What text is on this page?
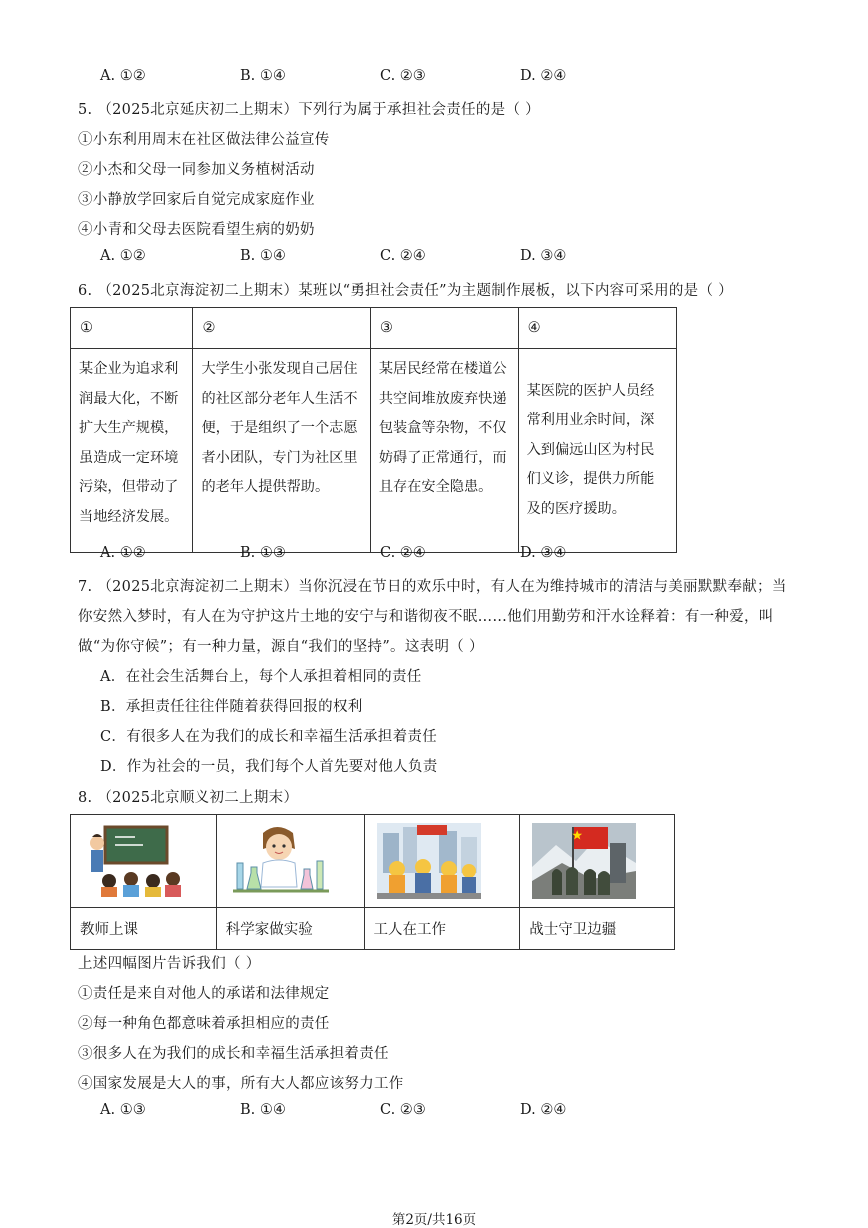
A. ①②	B. ①④	C. ②③	D. ②④
5. （2025北京延庆初二上期末）下列行为属于承担社会责任的是（ ）
①小东利用周末在社区做法律公益宣传
②小杰和父母一同参加义务植树活动
③小静放学回家后自觉完成家庭作业
④小青和父母去医院看望生病的奶奶
A. ①②	B. ①④	C. ②④	D. ③④
6. （2025北京海淀初二上期末）某班以“勇担社会责任”为主题制作展板，以下内容可采用的是（ ）
①	②	③	④
某企业为追求利润最大化，不断扩大生产规模，虽造成一定环境污染，但带动了当地经济发展。	大学生小张发现自己居住的社区部分老年人生活不便，于是组织了一个志愿者小团队，专门为社区里的老年人提供帮助。	某居民经常在楼道公共空间堆放废弃快递包装盒等杂物，不仅妨碍了正常通行，而且存在安全隐患。	某医院的医护人员经常利用业余时间，深入到偏远山区为村民们义诊，提供力所能及的医疗援助。
A. ①②	B. ①③	C. ②④	D. ③④
7. （2025北京海淀初二上期末）当你沉浸在节日的欢乐中时，有人在为维持城市的清洁与美丽默默奉献；当
你安然入梦时，有人在为守护这片土地的安宁与和谐彻夜不眠……他们用勤劳和汗水诠释着：有一种爱，叫
做“为你守候”；有一种力量，源自“我们的坚持”。这表明（ ）
A．在社会生活舞台上，每个人承担着相同的责任
B．承担责任往往伴随着获得回报的权利
C．有很多人在为我们的成长和幸福生活承担着责任
D．作为社会的一员，我们每个人首先要对他人负责
8. （2025北京顺义初二上期末）

教师上课	科学家做实验	工人在工作	战士守卫边疆
上述四幅图片告诉我们（ ）
①责任是来自对他人的承诺和法律规定
②每一种角色都意味着承担相应的责任
③很多人在为我们的成长和幸福生活承担着责任
④国家发展是大人的事，所有大人都应该努力工作
A. ①③	B. ①④	C. ②③	D. ②④
第2页/共16页
